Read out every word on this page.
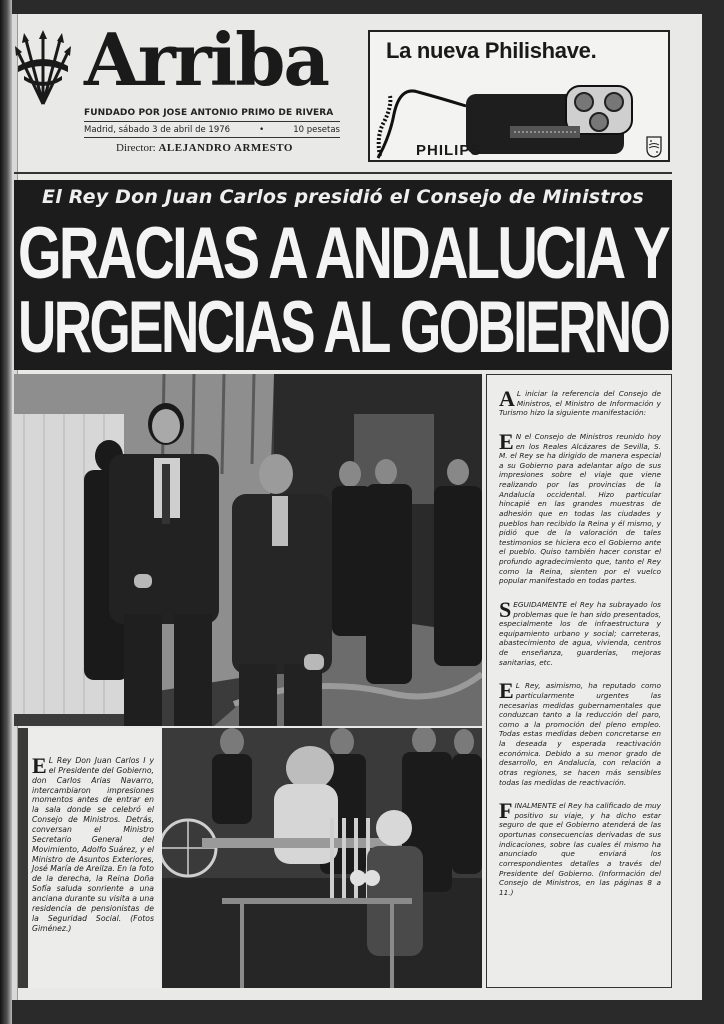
Arriba
FUNDADO POR JOSE ANTONIO PRIMO DE RIVERA
Madrid, sábado 3 de abril de 1976	•	10 pesetas
Director: ALEJANDRO ARMESTO
La nueva Philishave.
PHILIPS
El Rey Don Juan Carlos presidió el Consejo de Ministros
GRACIAS A ANDALUCIA Y
URGENCIAS AL GOBIERNO

A L iniciar la referencia del Consejo de Ministros, el Ministro de Información y Turismo hizo la siguiente manifestación:

E N el Consejo de Ministros reunido hoy en los Reales Alcázares de Sevilla, S. M. el Rey se ha dirigido de manera especial a su Gobierno para adelantar algo de sus impresiones sobre el viaje que viene realizando por las provincias de la Andalucía occidental. Hizo particular hincapié en las grandes muestras de adhesión que en todas las ciudades y pueblos han recibido la Reina y él mismo, y pidió que de la valoración de tales testimonios se hiciera eco el Gobierno ante el pueblo. Quiso también hacer constar el profundo agradecimiento que, tanto el Rey como la Reina, sienten por el vuelco popular manifestado en todas partes.

SEGUIDAMENTE el Rey ha subrayado los problemas que le han sido presentados, especialmente los de infraestructura y equipamiento urbano y social; carreteras, abastecimiento de agua, vivienda, centros de enseñanza, guarderías, mejoras sanitarias, etc.

E L Rey, asimismo, ha reputado como particularmente urgentes las necesarias medidas gubernamentales que conduzcan tanto a la reducción del paro, como a la promoción del pleno empleo. Todas estas medidas deben concretarse en la deseada y esperada reactivación económica. Debido a su menor grado de desarrollo, en Andalucía, con relación a otras regiones, se hacen más sensibles todas las medidas de reactivación.

FINALMENTE el Rey ha calificado de muy positivo su viaje, y ha dicho estar seguro de que el Gobierno atenderá de las oportunas consecuencias derivadas de sus indicaciones, sobre las cuales él mismo ha anunciado que enviará los correspondientes detalles a través del Presidente del Gobierno. (Información del Consejo de Ministros, en las páginas 8 a 11.)

E L Rey Don Juan Carlos I y el Presidente del Gobierno, don Carlos Arias Navarro, intercambiaron impresiones momentos antes de entrar en la sala donde se celebró el Consejo de Ministros. Detrás, conversan el Ministro Secretario General del Movimiento, Adolfo Suárez, y el Ministro de Asuntos Exteriores, José María de Areilza. En la foto de la derecha, la Reina Doña Sofía saluda sonriente a una anciana durante su visita a una residencia de pensionistas de la Seguridad Social. (Fotos Giménez.)
